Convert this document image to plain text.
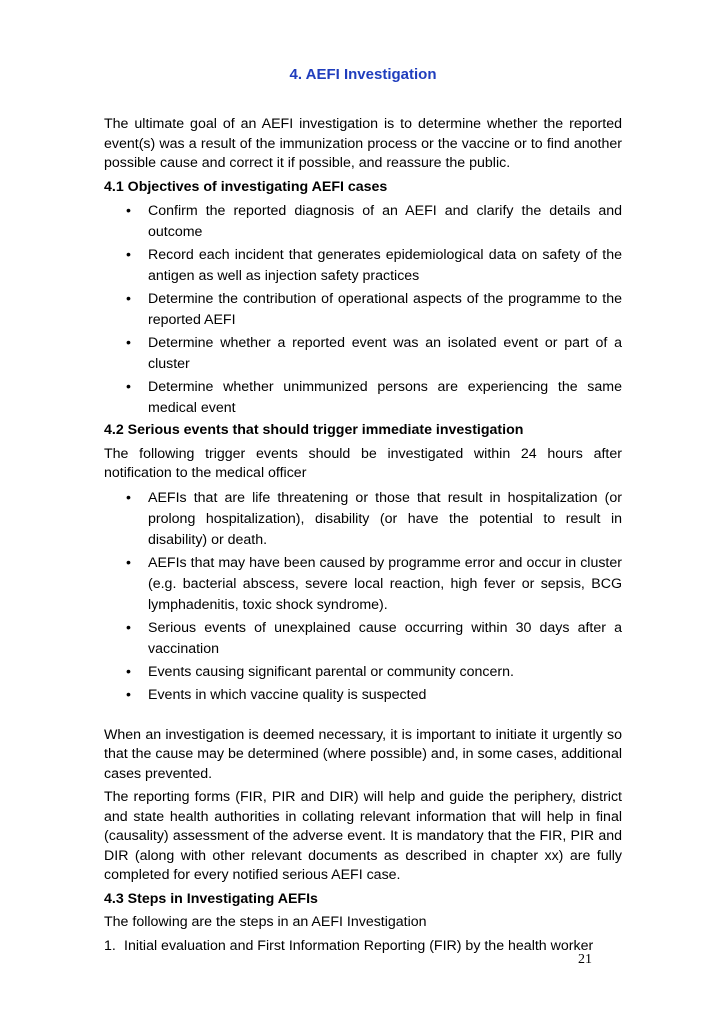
4. AEFI Investigation

The ultimate goal of an AEFI investigation is to determine whether the reported event(s) was a result of the immunization process or the vaccine or to find another possible cause and correct it if possible, and reassure the public.

4.1 Objectives of investigating AEFI cases
• Confirm the reported diagnosis of an AEFI and clarify the details and outcome
• Record each incident that generates epidemiological data on safety of the antigen as well as injection safety practices
• Determine the contribution of operational aspects of the programme to the reported AEFI
• Determine whether a reported event was an isolated event or part of a cluster
• Determine whether unimmunized persons are experiencing the same medical event
4.2 Serious events that should trigger immediate investigation

The following trigger events should be investigated within 24 hours after notification to the medical officer

• AEFIs that are life threatening or those that result in hospitalization (or prolong hospitalization), disability (or have the potential to result in disability) or death.
• AEFIs that may have been caused by programme error and occur in cluster (e.g. bacterial abscess, severe local reaction, high fever or sepsis, BCG lymphadenitis, toxic shock syndrome).
• Serious events of unexplained cause occurring within 30 days after a vaccination
• Events causing significant parental or community concern.
• Events in which vaccine quality is suspected

When an investigation is deemed necessary, it is important to initiate it urgently so that the cause may be determined (where possible) and, in some cases, additional cases prevented.

The reporting forms (FIR, PIR and DIR) will help and guide the periphery, district and state health authorities in collating relevant information that will help in final (causality) assessment of the adverse event. It is mandatory that the FIR, PIR and DIR (along with other relevant documents as described in chapter xx) are fully completed for every notified serious AEFI case.

4.3 Steps in Investigating AEFIs

The following are the steps in an AEFI Investigation

1. Initial evaluation and First Information Reporting (FIR) by the health worker
21
